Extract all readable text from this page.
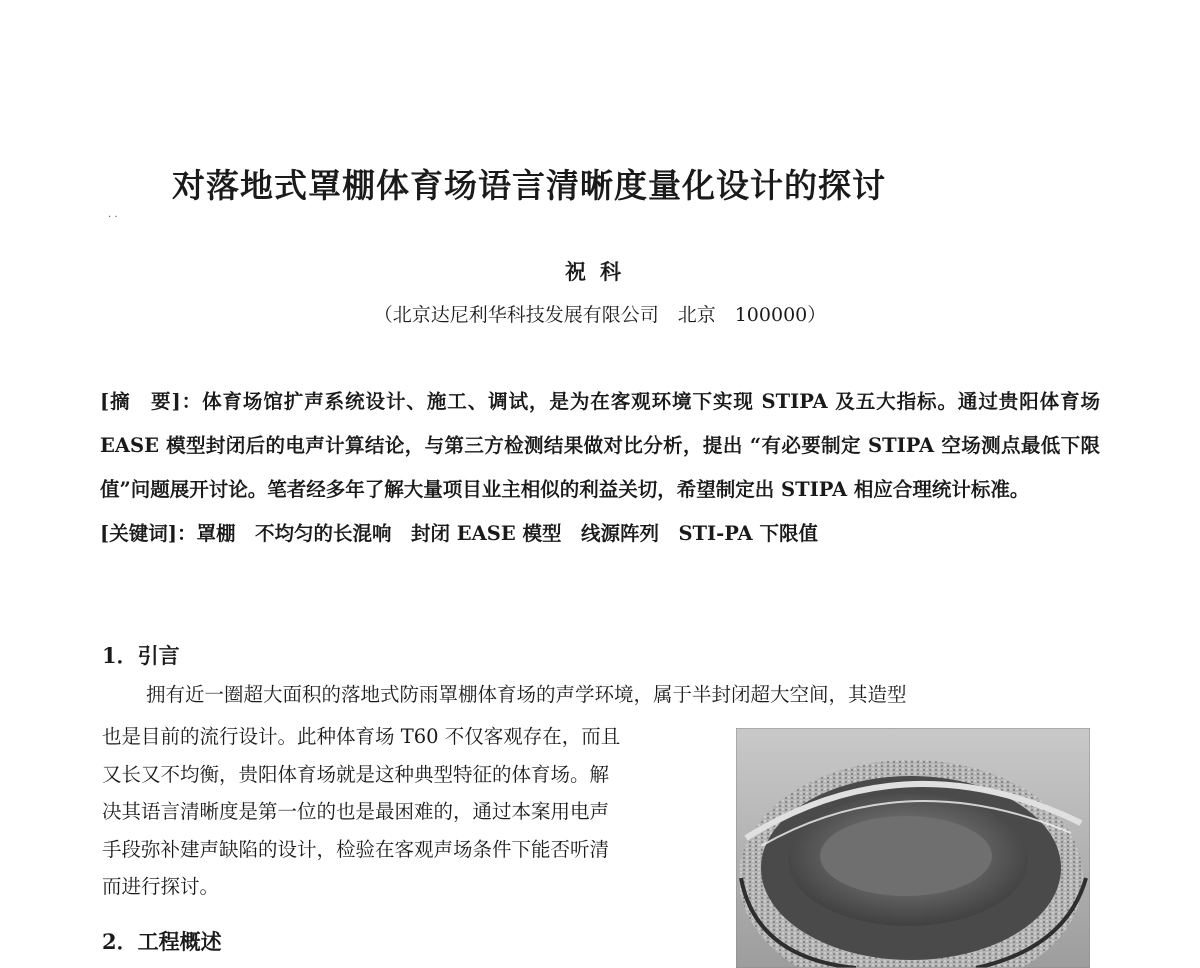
对落地式罩棚体育场语言清晰度量化设计的探讨
· ·
祝科
（北京达尼利华科技发展有限公司　北京　100000）

[摘　要]：体育场馆扩声系统设计、施工、调试，是为在客观环境下实现 STIPA 及五大指标。通过贵阳体育场 EASE 模型封闭后的电声计算结论，与第三方检测结果做对比分析，提出 “有必要制定 STIPA 空场测点最低下限值”问题展开讨论。笔者经多年了解大量项目业主相似的利益关切，希望制定出 STIPA 相应合理统计标准。

[关键词]：罩棚　不均匀的长混响　封闭 EASE 模型　线源阵列　STI-PA 下限值

1．引言
拥有近一圈超大面积的落地式防雨罩棚体育场的声学环境，属于半封闭超大空间，其造型
也是目前的流行设计。此种体育场 T60 不仅客观存在，而且
又长又不均衡，贵阳体育场就是这种典型特征的体育场。解
决其语言清晰度是第一位的也是最困难的，通过本案用电声
手段弥补建声缺陷的设计，检验在客观声场条件下能否听清
而进行探讨。
2．工程概述
